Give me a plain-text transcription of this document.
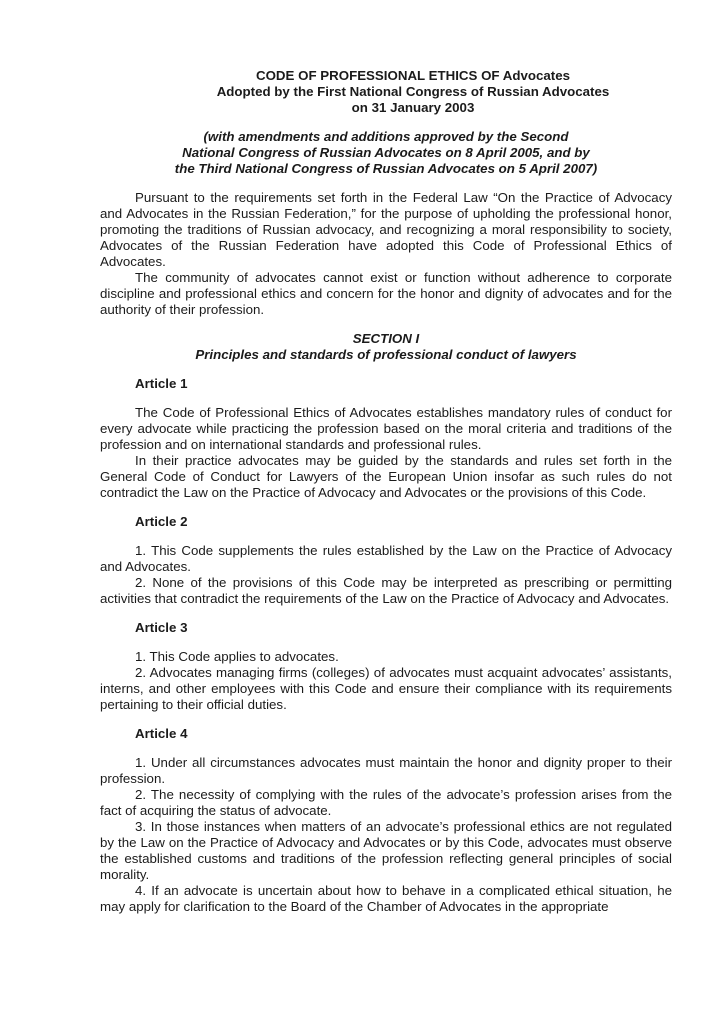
CODE OF PROFESSIONAL ETHICS OF Advocates
Adopted by the First National Congress of Russian Advocates
on 31 January 2003
(with amendments and additions approved by the Second
National Congress of Russian Advocates on 8 April 2005, and by
the Third National Congress of Russian Advocates on 5 April 2007)

Pursuant to the requirements set forth in the Federal Law “On the Practice of Advocacy and Advocates in the Russian Federation,” for the purpose of upholding the professional honor, promoting the traditions of Russian advocacy, and recognizing a moral responsibility to society, Advocates of the Russian Federation have adopted this Code of Professional Ethics of Advocates.

The community of advocates cannot exist or function without adherence to corporate discipline and professional ethics and concern for the honor and dignity of advocates and for the authority of their profession.

SECTION I
Principles and standards of professional conduct of lawyers
Article 1

The Code of Professional Ethics of Advocates establishes mandatory rules of conduct for every advocate while practicing the profession based on the moral criteria and traditions of the profession and on international standards and professional rules.

In their practice advocates may be guided by the standards and rules set forth in the General Code of Conduct for Lawyers of the European Union insofar as such rules do not contradict the Law on the Practice of Advocacy and Advocates or the provisions of this Code.

Article 2

1. This Code supplements the rules established by the Law on the Practice of Advocacy and Advocates.

2. None of the provisions of this Code may be interpreted as prescribing or permitting activities that contradict the requirements of the Law on the Practice of Advocacy and Advocates.

Article 3

1. This Code applies to advocates.

2. Advocates managing firms (colleges) of advocates must acquaint advocates’ assistants, interns, and other employees with this Code and ensure their compliance with its requirements pertaining to their official duties.

Article 4

1. Under all circumstances advocates must maintain the honor and dignity proper to their profession.

2. The necessity of complying with the rules of the advocate’s profession arises from the fact of acquiring the status of advocate.

3. In those instances when matters of an advocate’s professional ethics are not regulated by the Law on the Practice of Advocacy and Advocates or by this Code, advocates must observe the established customs and traditions of the profession reflecting general principles of social morality.

4. If an advocate is uncertain about how to behave in a complicated ethical situation, he may apply for clarification to the Board of the Chamber of Advocates in the appropriate
